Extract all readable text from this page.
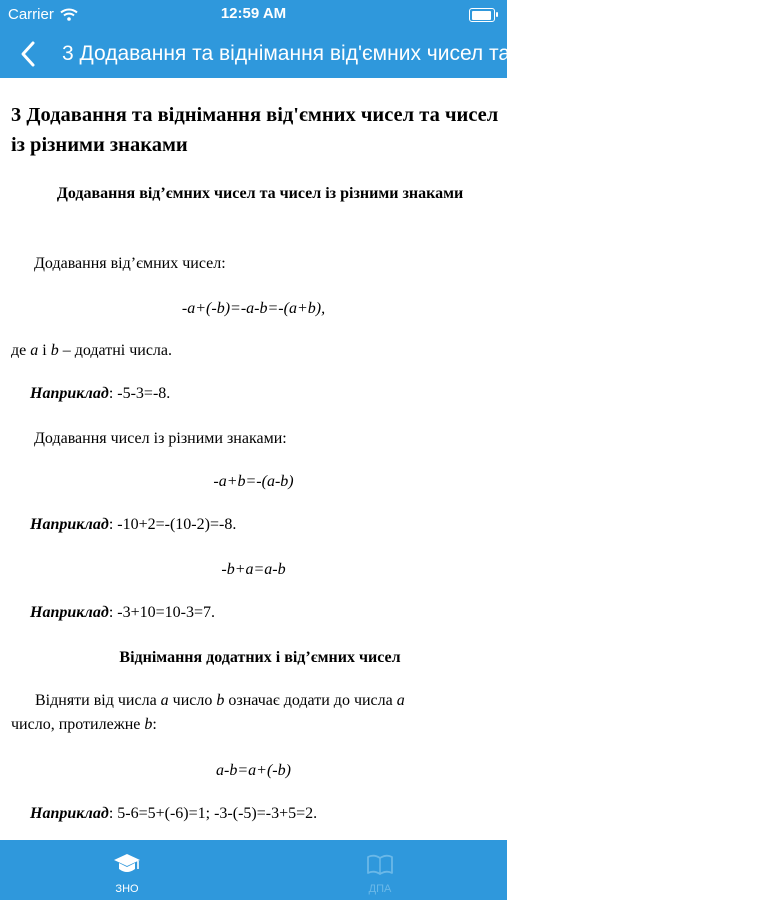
Carrier	12:59 AM
3 Додавання та віднімання від'ємних чисел та чисел із різними знаками
3 Додавання та віднімання від'ємних чисел та чисел із різними знаками

Додавання від’ємних чисел та чисел із різними знаками

Додавання від’ємних чисел:

-a+(-b)=-a-b=-(a+b),

де a і b – додатні числа.

Наприклад: -5-3=-8.

Додавання чисел із різними знаками:

-a+b=-(a-b)

Наприклад: -10+2=-(10-2)=-8.

-b+a=a-b

Наприклад: -3+10=10-3=7.

Віднімання додатних і від’ємних чисел

Відняти від числа a число b означає додати до числа a
число, протилежне b:

a-b=a+(-b)

Наприклад: 5-6=5+(-6)=1; -3-(-5)=-3+5=2.

ЗНО	ДПА
